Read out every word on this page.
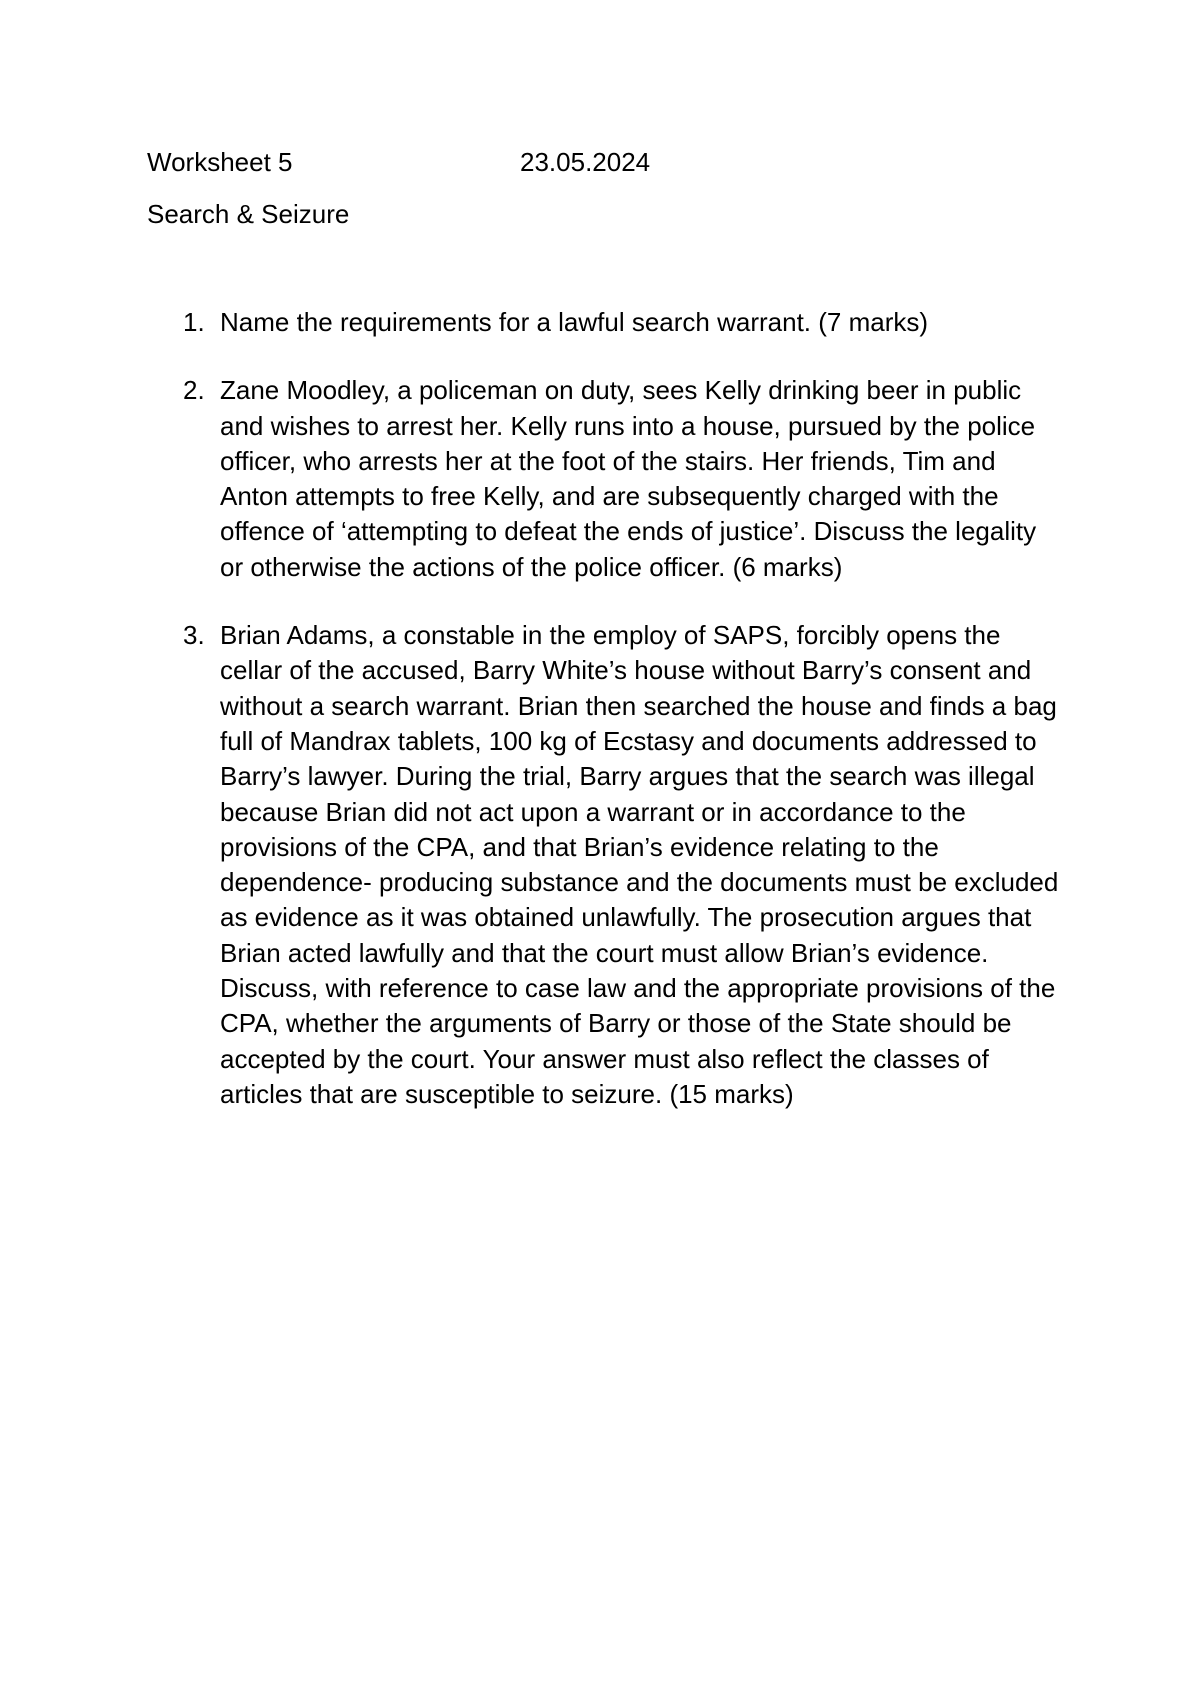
Worksheet 5	23.05.2024
Search & Seizure
1. Name the requirements for a lawful search warrant. (7 marks)
2. Zane Moodley, a policeman on duty, sees Kelly drinking beer in public and wishes to arrest her. Kelly runs into a house, pursued by the police officer, who arrests her at the foot of the stairs. Her friends, Tim and Anton attempts to free Kelly, and are subsequently charged with the offence of ‘attempting to defeat the ends of justice’. Discuss the legality or otherwise the actions of the police officer. (6 marks)
3. Brian Adams, a constable in the employ of SAPS, forcibly opens the cellar of the accused, Barry White’s house without Barry’s consent and without a search warrant. Brian then searched the house and finds a bag full of Mandrax tablets, 100 kg of Ecstasy and documents addressed to Barry’s lawyer. During the trial, Barry argues that the search was illegal because Brian did not act upon a warrant or in accordance to the provisions of the CPA, and that Brian’s evidence relating to the dependence- producing substance and the documents must be excluded as evidence as it was obtained unlawfully. The prosecution argues that Brian acted lawfully and that the court must allow Brian’s evidence. Discuss, with reference to case law and the appropriate provisions of the CPA, whether the arguments of Barry or those of the State should be accepted by the court. Your answer must also reflect the classes of articles that are susceptible to seizure. (15 marks)
